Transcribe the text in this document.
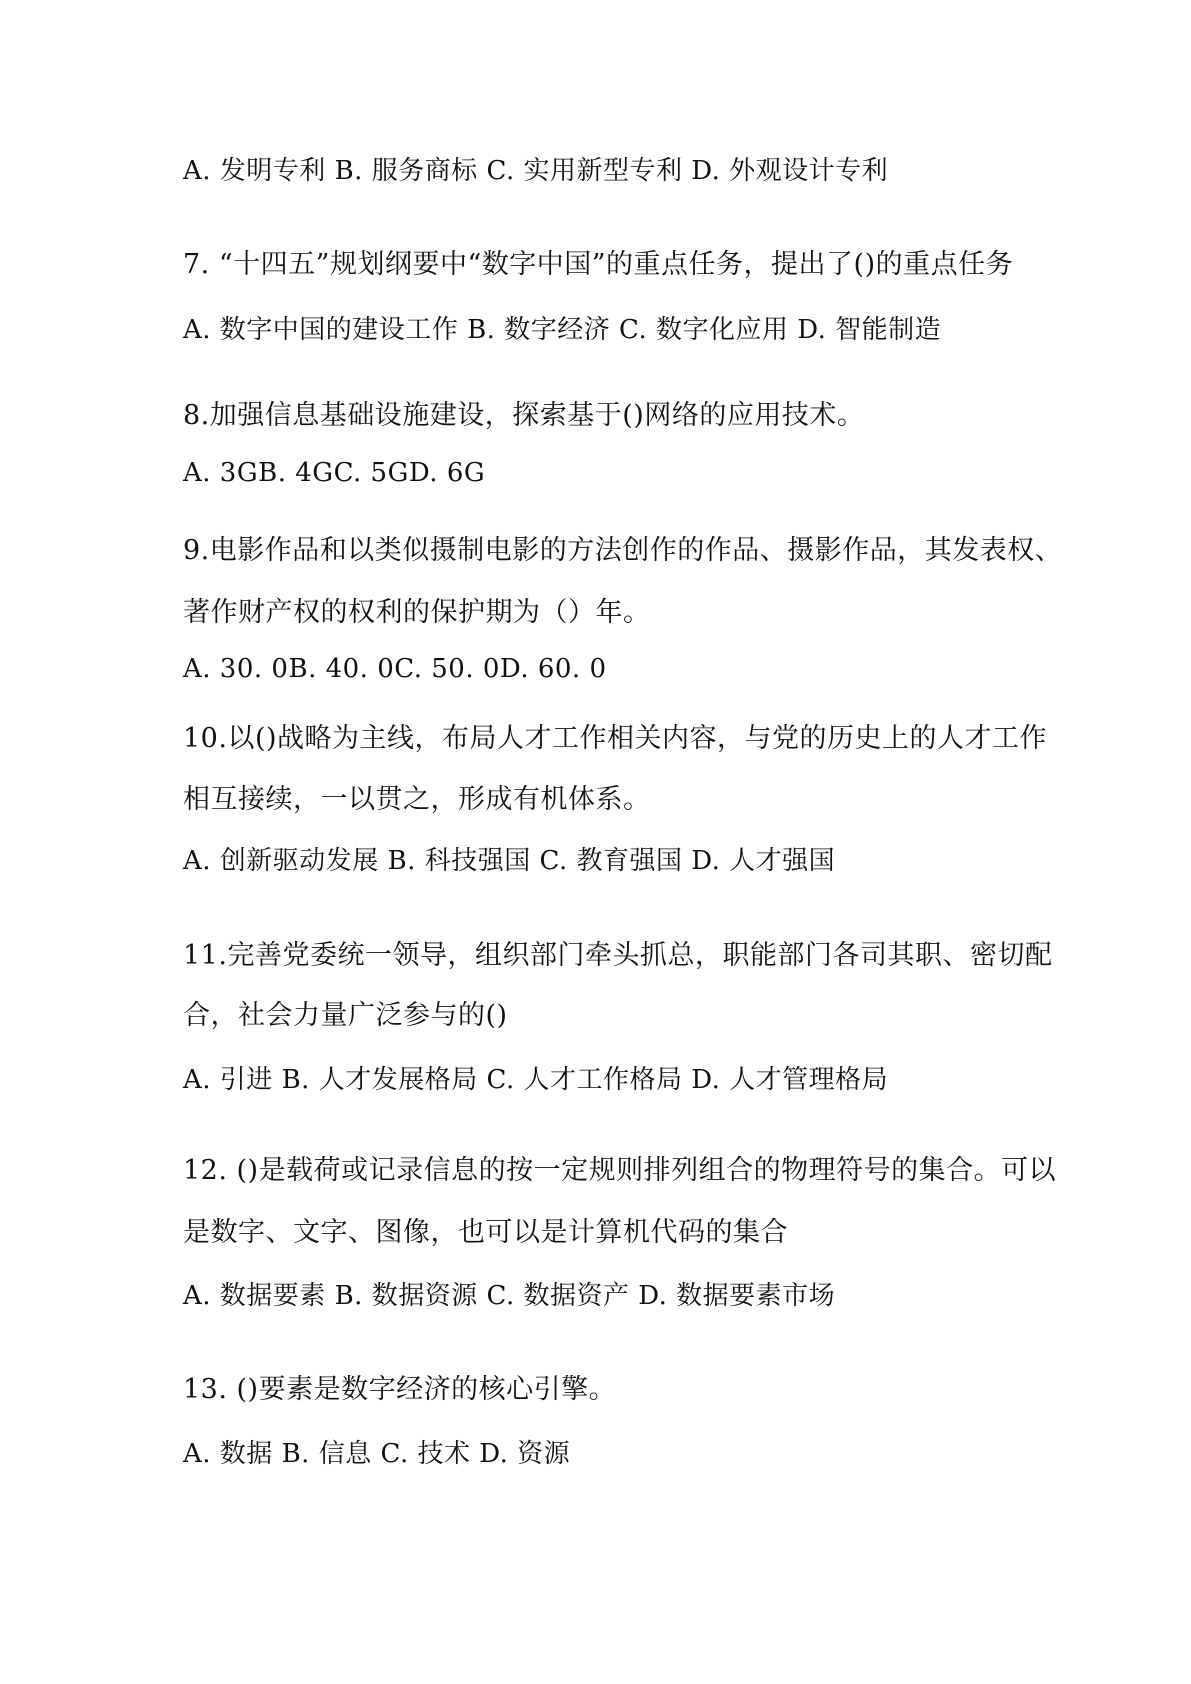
A. 发明专利 B. 服务商标 C. 实用新型专利 D. 外观设计专利
7. “十四五”规划纲要中“数字中国”的重点任务，提出了()的重点任务
A. 数字中国的建设工作 B. 数字经济 C. 数字化应用 D. 智能制造
8.加强信息基础设施建设，探索基于()网络的应用技术。
A. 3GB. 4GC. 5GD. 6G
9.电影作品和以类似摄制电影的方法创作的作品、摄影作品，其发表权、
著作财产权的权利的保护期为（）年。
A. 30. 0B. 40. 0C. 50. 0D. 60. 0
10.以()战略为主线，布局人才工作相关内容，与党的历史上的人才工作
相互接续，一以贯之，形成有机体系。
A. 创新驱动发展 B. 科技强国 C. 教育强国 D. 人才强国
11.完善党委统一领导，组织部门牵头抓总，职能部门各司其职、密切配
合，社会力量广泛参与的()
A. 引进 B. 人才发展格局 C. 人才工作格局 D. 人才管理格局
12. ()是载荷或记录信息的按一定规则排列组合的物理符号的集合。可以
是数字、文字、图像，也可以是计算机代码的集合
A. 数据要素 B. 数据资源 C. 数据资产 D. 数据要素市场
13. ()要素是数字经济的核心引擎。
A. 数据 B. 信息 C. 技术 D. 资源
